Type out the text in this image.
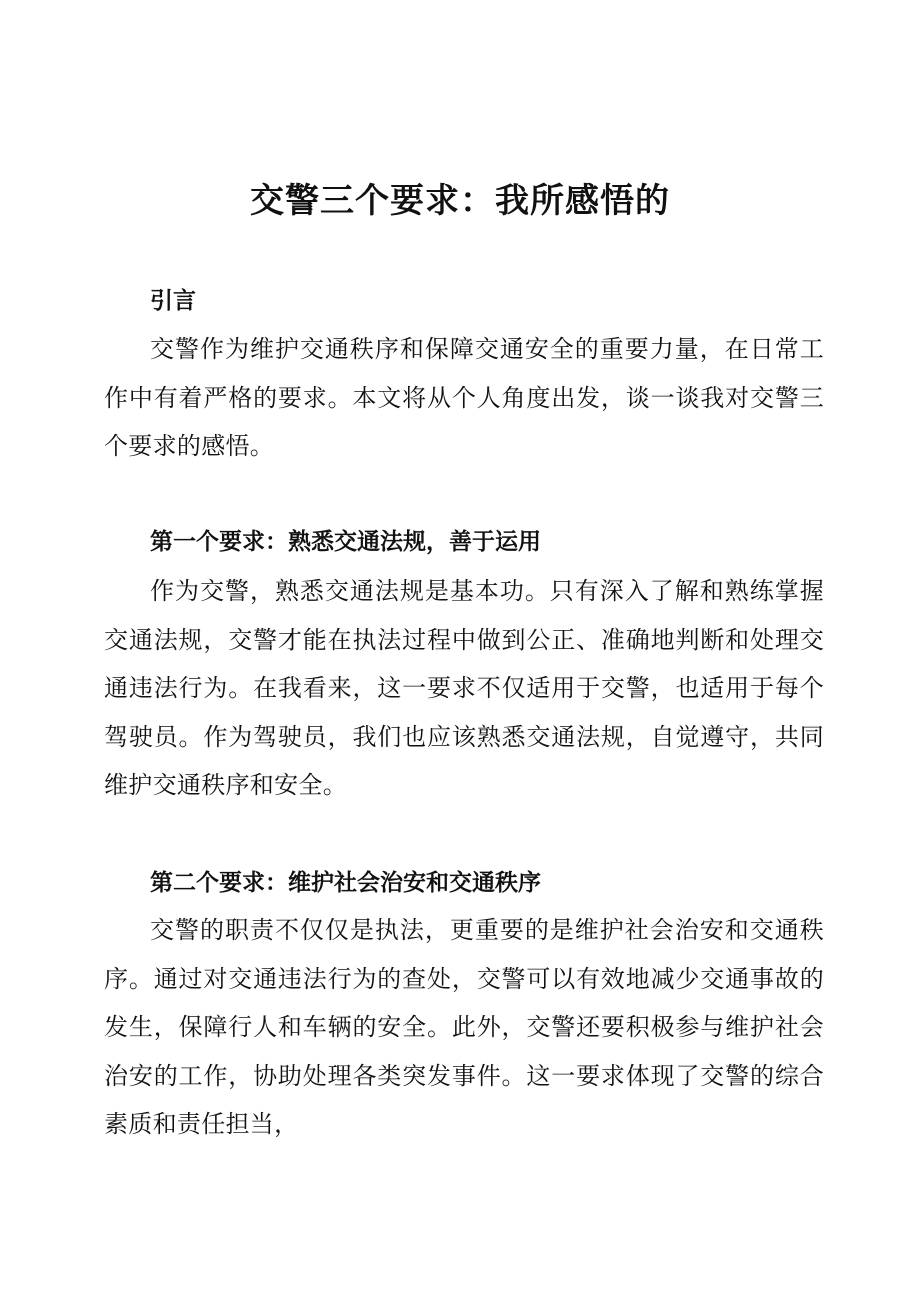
交警三个要求：我所感悟的
引言

交警作为维护交通秩序和保障交通安全的重要力量，在日常工作中有着严格的要求。本文将从个人角度出发，谈一谈我对交警三个要求的感悟。

第一个要求：熟悉交通法规，善于运用

作为交警，熟悉交通法规是基本功。只有深入了解和熟练掌握交通法规，交警才能在执法过程中做到公正、准确地判断和处理交通违法行为。在我看来，这一要求不仅适用于交警，也适用于每个驾驶员。作为驾驶员，我们也应该熟悉交通法规，自觉遵守，共同维护交通秩序和安全。

第二个要求：维护社会治安和交通秩序

交警的职责不仅仅是执法，更重要的是维护社会治安和交通秩序。通过对交通违法行为的查处，交警可以有效地减少交通事故的发生，保障行人和车辆的安全。此外，交警还要积极参与维护社会治安的工作，协助处理各类突发事件。这一要求体现了交警的综合素质和责任担当，
